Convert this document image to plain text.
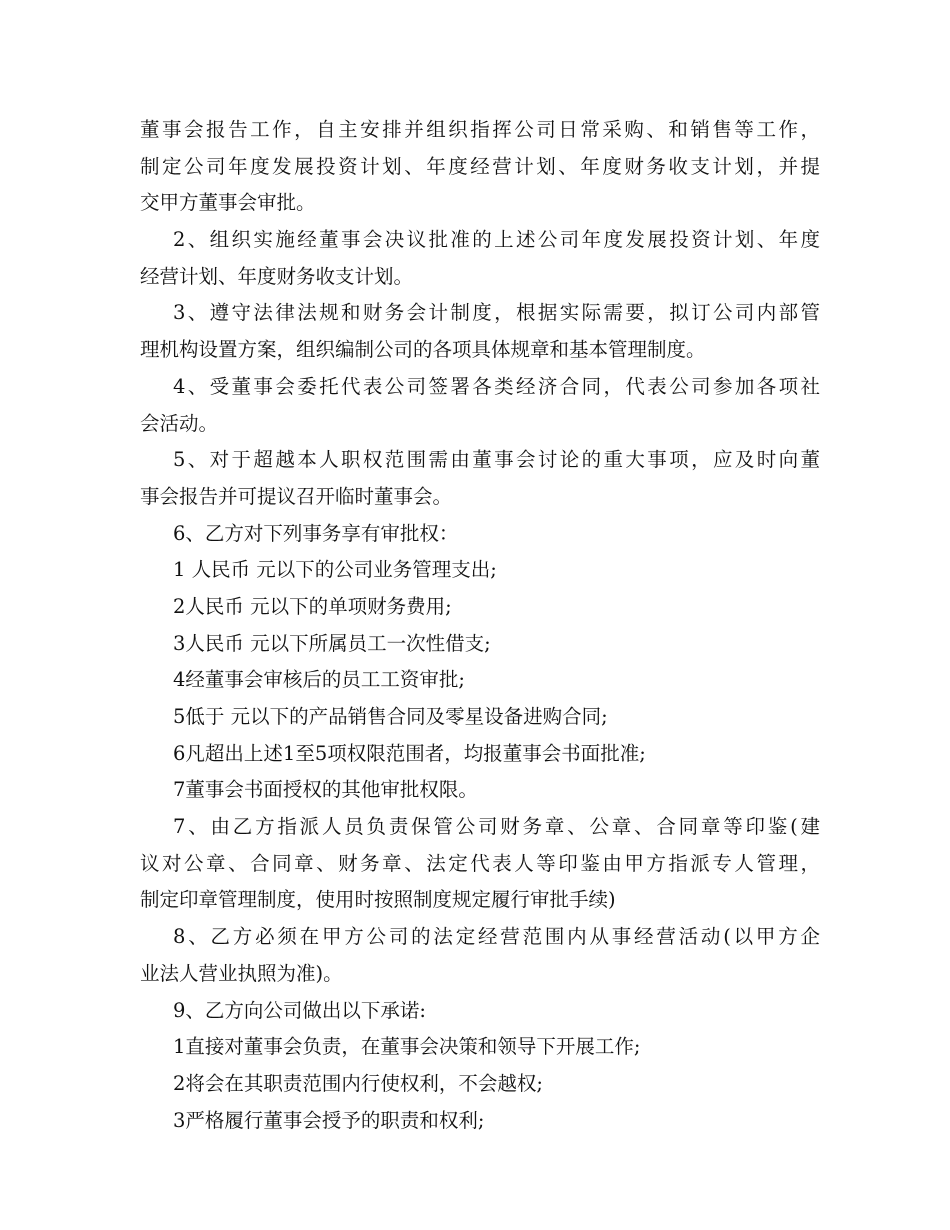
董事会报告工作，自主安排并组织指挥公司日常采购、和销售等工作，
制定公司年度发展投资计划、年度经营计划、年度财务收支计划，并提
交甲方董事会审批。
2、组织实施经董事会决议批准的上述公司年度发展投资计划、年度
经营计划、年度财务收支计划。
3、遵守法律法规和财务会计制度，根据实际需要，拟订公司内部管
理机构设置方案，组织编制公司的各项具体规章和基本管理制度。
4、受董事会委托代表公司签署各类经济合同，代表公司参加各项社
会活动。
5、对于超越本人职权范围需由董事会讨论的重大事项，应及时向董
事会报告并可提议召开临时董事会。
6、乙方对下列事务享有审批权：
1 人民币 元以下的公司业务管理支出;
2人民币 元以下的单项财务费用;
3人民币 元以下所属员工一次性借支;
4经董事会审核后的员工工资审批;
5低于 元以下的产品销售合同及零星设备进购合同;
6凡超出上述1至5项权限范围者，均报董事会书面批准;
7董事会书面授权的其他审批权限。
7、由乙方指派人员负责保管公司财务章、公章、合同章等印鉴(建
议对公章、合同章、财务章、法定代表人等印鉴由甲方指派专人管理，
制定印章管理制度，使用时按照制度规定履行审批手续)
8、乙方必须在甲方公司的法定经营范围内从事经营活动(以甲方企
业法人营业执照为准)。
9、乙方向公司做出以下承诺:
1直接对董事会负责，在董事会决策和领导下开展工作;
2将会在其职责范围内行使权利，不会越权;
3严格履行董事会授予的职责和权利;
